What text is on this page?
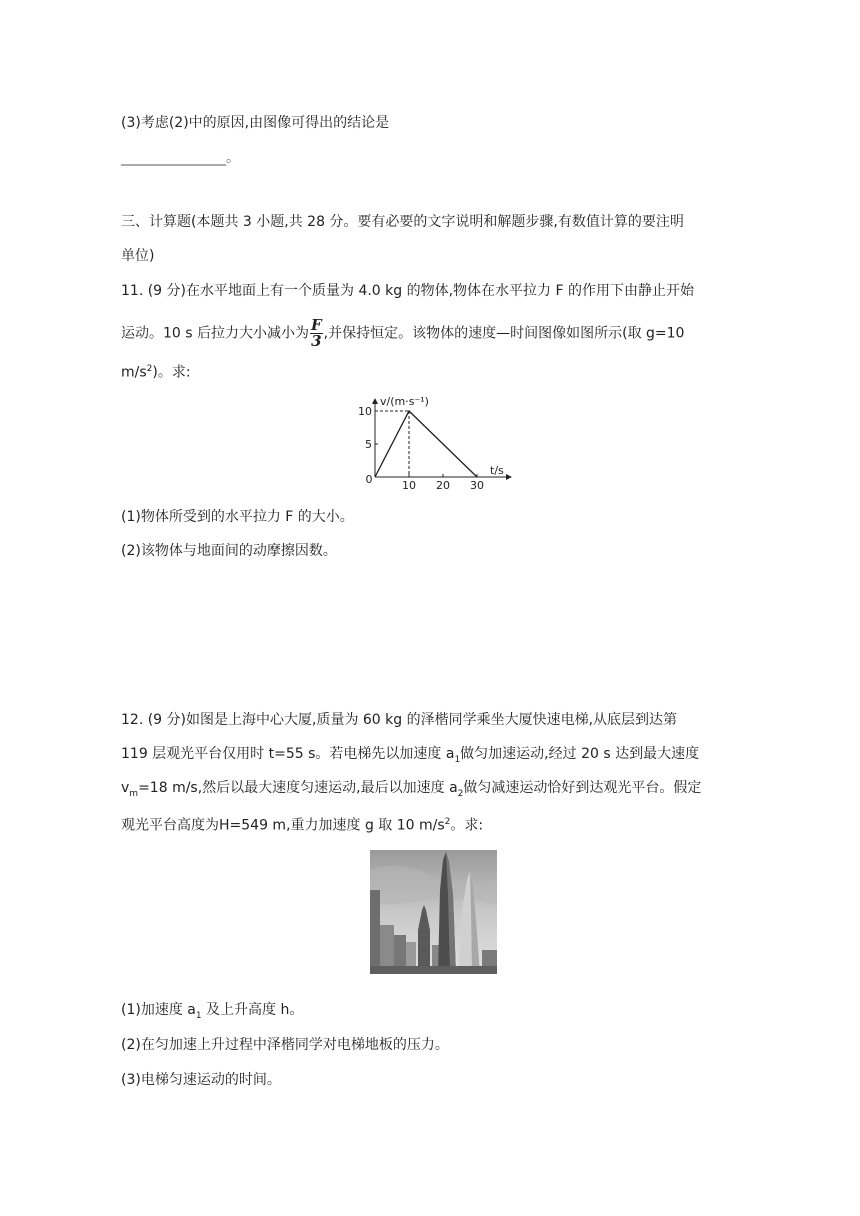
(3)考虑(2)中的原因,由图像可得出的结论是
_______________。
三、计算题(本题共 3 小题,共 28 分。要有必要的文字说明和解题步骤,有数值计算的要注明
单位)
11. (9 分)在水平地面上有一个质量为 4.0 kg 的物体,物体在水平拉力 F 的作用下由静止开始
运动。10 s 后拉力大小减小为 $\frac{F}{3}$ ,并保持恒定。该物体的速度—时间图像如图所示(取 g=10
$m/s^2$)。求:
v/(m·s⁻¹)
t/s
0
5
10
10 20 30
(1)物体所受到的水平拉力 F 的大小。
(2)该物体与地面间的动摩擦因数。
12. (9 分)如图是上海中心大厦,质量为 60 kg 的泽楷同学乘坐大厦快速电梯,从底层到达第
119 层观光平台仅用时 t=55 s。若电梯先以加速度 $a_1$做匀加速运动,经过 20 s 达到最大速度
$v_m=18$ m/s,然后以最大速度匀速运动,最后以加速度 $a_2$做匀减速运动恰好到达观光平台。假定
观光平台高度为H=549 m,重力加速度 g 取 10 $m/s^2$。求:
(1)加速度 $a_1$ 及上升高度 h。
(2)在匀加速上升过程中泽楷同学对电梯地板的压力。
(3)电梯匀速运动的时间。
